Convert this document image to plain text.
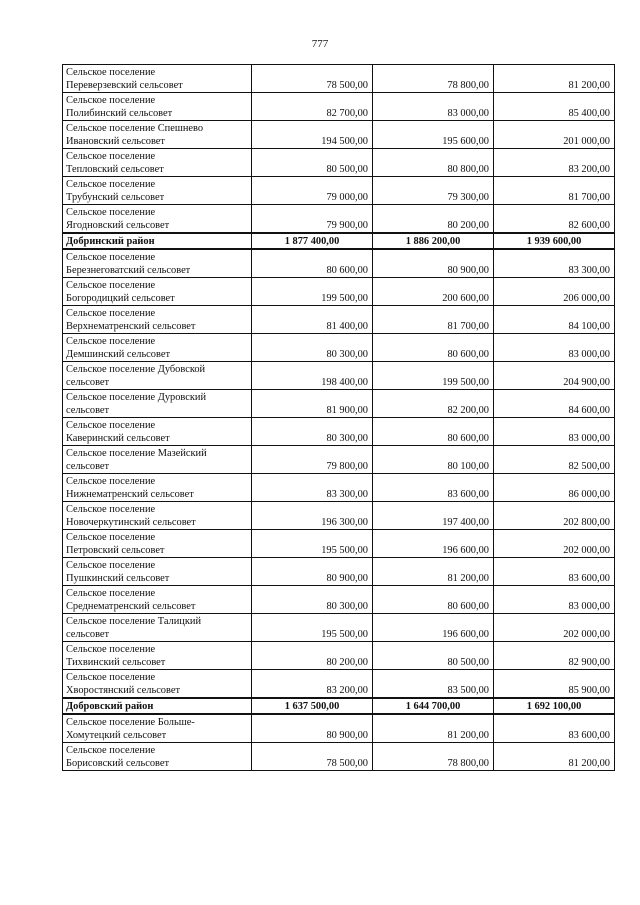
777
Сельское поселение
Переверзевский сельсовет	78 500,00	78 800,00	81 200,00
Сельское поселение
Полибинский сельсовет	82 700,00	83 000,00	85 400,00
Сельское поселение Спешнево
Ивановский сельсовет	194 500,00	195 600,00	201 000,00
Сельское поселение
Тепловский сельсовет	80 500,00	80 800,00	83 200,00
Сельское поселение
Трубунский сельсовет	79 000,00	79 300,00	81 700,00
Сельское поселение
Ягодновский сельсовет	79 900,00	80 200,00	82 600,00
Добринский район	1 877 400,00	1 886 200,00	1 939 600,00
Сельское поселение
Березнеговатский сельсовет	80 600,00	80 900,00	83 300,00
Сельское поселение
Богородицкий сельсовет	199 500,00	200 600,00	206 000,00
Сельское поселение
Верхнематренский сельсовет	81 400,00	81 700,00	84 100,00
Сельское поселение
Демшинский сельсовет	80 300,00	80 600,00	83 000,00
Сельское поселение Дубовской
сельсовет	198 400,00	199 500,00	204 900,00
Сельское поселение Дуровский
сельсовет	81 900,00	82 200,00	84 600,00
Сельское поселение
Каверинский сельсовет	80 300,00	80 600,00	83 000,00
Сельское поселение Мазейский
сельсовет	79 800,00	80 100,00	82 500,00
Сельское поселение
Нижнематренский сельсовет	83 300,00	83 600,00	86 000,00
Сельское поселение
Новочеркутинский сельсовет	196 300,00	197 400,00	202 800,00
Сельское поселение
Петровский сельсовет	195 500,00	196 600,00	202 000,00
Сельское поселение
Пушкинский сельсовет	80 900,00	81 200,00	83 600,00
Сельское поселение
Среднематренский сельсовет	80 300,00	80 600,00	83 000,00
Сельское поселение Талицкий
сельсовет	195 500,00	196 600,00	202 000,00
Сельское поселение
Тихвинский сельсовет	80 200,00	80 500,00	82 900,00
Сельское поселение
Хворостянский сельсовет	83 200,00	83 500,00	85 900,00
Добровский район	1 637 500,00	1 644 700,00	1 692 100,00
Сельское поселение Больше-
Хомутецкий сельсовет	80 900,00	81 200,00	83 600,00
Сельское поселение
Борисовский сельсовет	78 500,00	78 800,00	81 200,00
